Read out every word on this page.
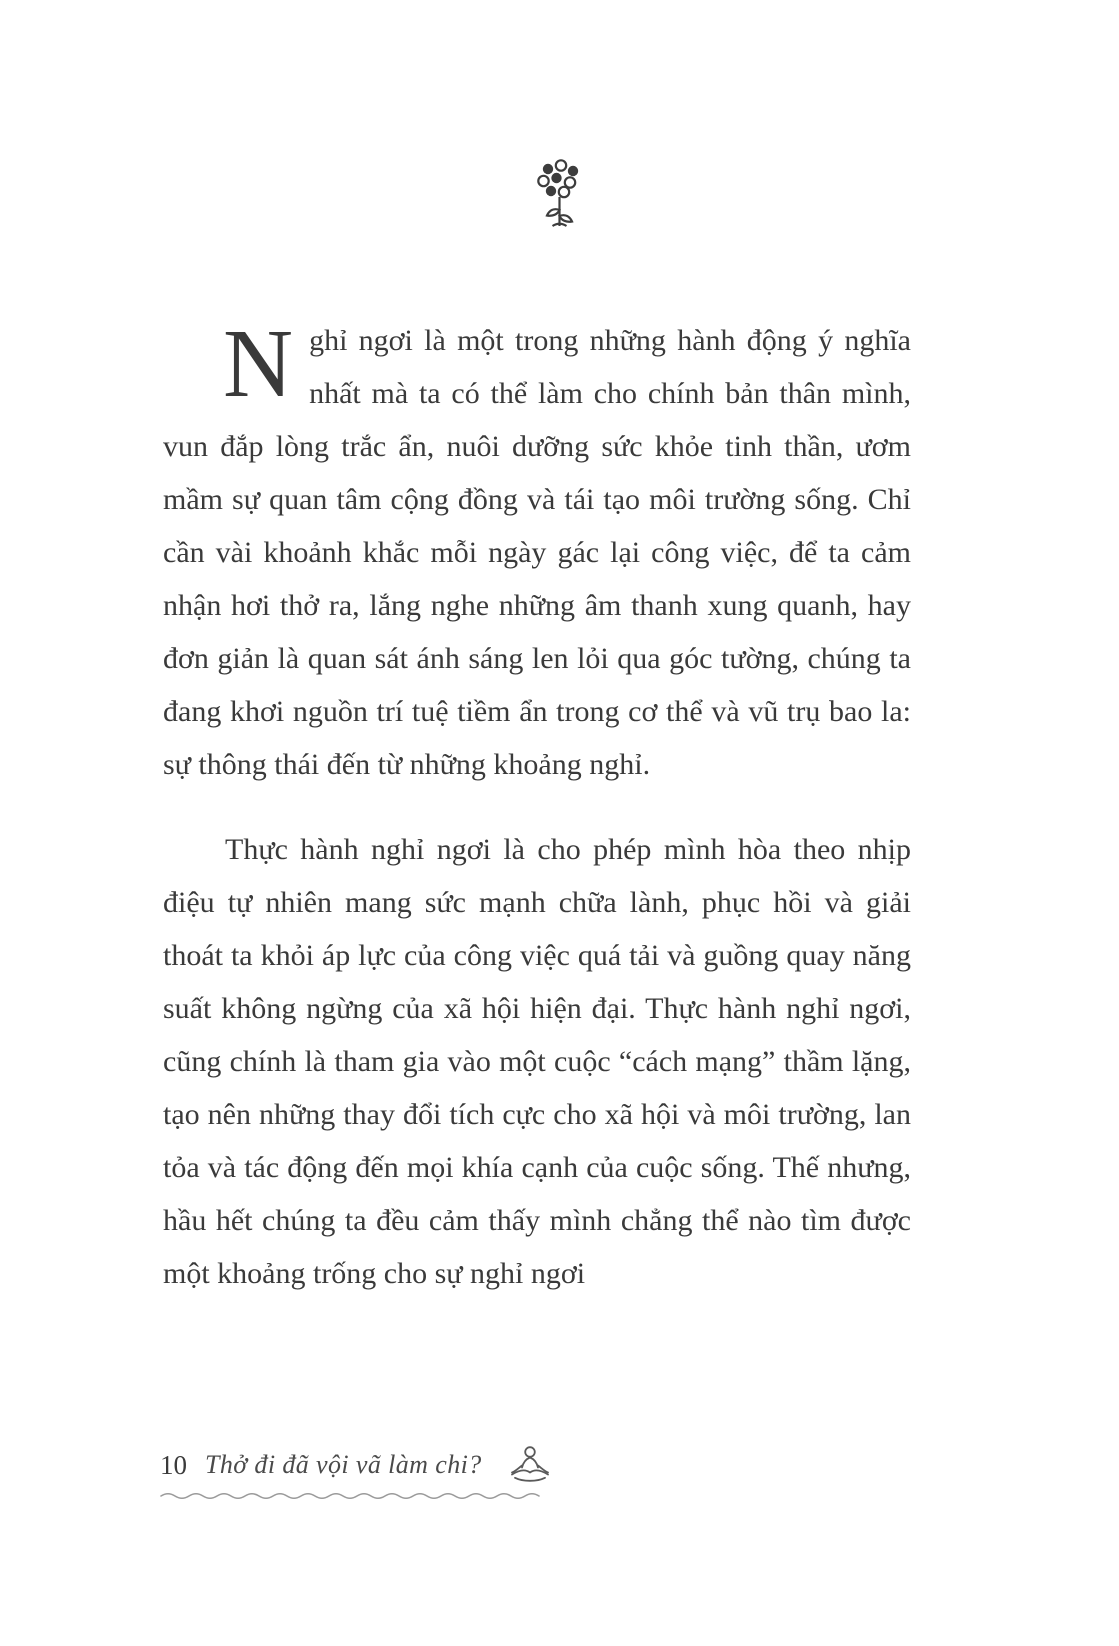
Nghỉ ngơi là một trong những hành động ý nghĩa nhất mà ta có thể làm cho chính bản thân mình, vun đắp lòng trắc ẩn, nuôi dưỡng sức khỏe tinh thần, ươm mầm sự quan tâm cộng đồng và tái tạo môi trường sống. Chỉ cần vài khoảnh khắc mỗi ngày gác lại công việc, để ta cảm nhận hơi thở ra, lắng nghe những âm thanh xung quanh, hay đơn giản là quan sát ánh sáng len lỏi qua góc tường, chúng ta đang khơi nguồn trí tuệ tiềm ẩn trong cơ thể và vũ trụ bao la: sự thông thái đến từ những khoảng nghỉ.

Thực hành nghỉ ngơi là cho phép mình hòa theo nhịp điệu tự nhiên mang sức mạnh chữa lành, phục hồi và giải thoát ta khỏi áp lực của công việc quá tải và guồng quay năng suất không ngừng của xã hội hiện đại. Thực hành nghỉ ngơi, cũng chính là tham gia vào một cuộc “cách mạng” thầm lặng, tạo nên những thay đổi tích cực cho xã hội và môi trường, lan tỏa và tác động đến mọi khía cạnh của cuộc sống. Thế nhưng, hầu hết chúng ta đều cảm thấy mình chẳng thể nào tìm được một khoảng trống cho sự nghỉ ngơi

10 Thở đi đã vội vã làm chi?
